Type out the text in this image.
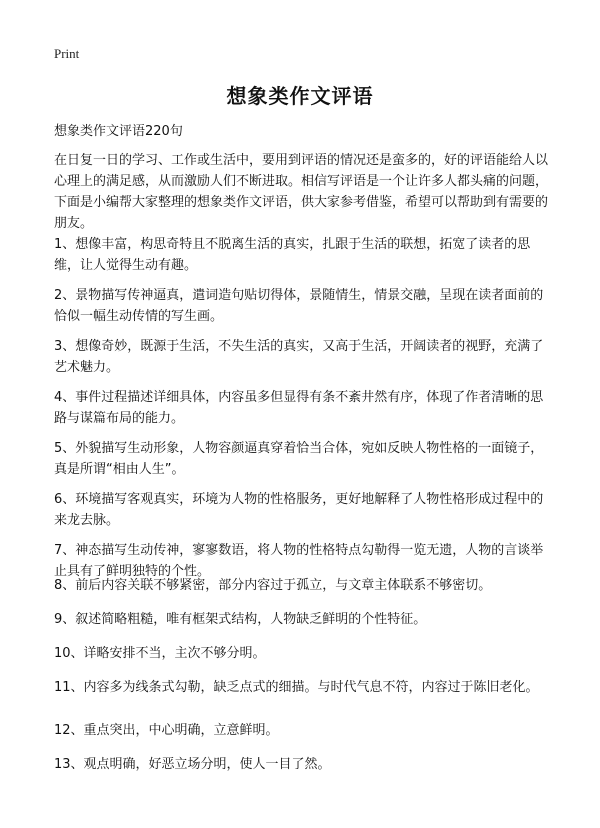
Print
想象类作文评语

想象类作文评语220句

在日复一日的学习、工作或生活中，要用到评语的情况还是蛮多的，好的评语能给人以心理上的满足感，从而激励人们不断进取。相信写评语是一个让许多人都头痛的问题，下面是小编帮大家整理的想象类作文评语，供大家参考借鉴，希望可以帮助到有需要的朋友。

1、想像丰富，构思奇特且不脱离生活的真实，扎跟于生活的联想，拓宽了读者的思维，让人觉得生动有趣。

2、景物描写传神逼真，遣词造句贴切得体，景随情生，情景交融，呈现在读者面前的恰似一幅生动传情的写生画。

3、想像奇妙，既源于生活，不失生活的真实，又高于生活，开阔读者的视野，充满了艺术魅力。

4、事件过程描述详细具体，内容虽多但显得有条不紊井然有序，体现了作者清晰的思路与谋篇布局的能力。

5、外貌描写生动形象，人物容颜逼真穿着恰当合体，宛如反映人物性格的一面镜子，真是所谓“相由人生”。

6、环境描写客观真实，环境为人物的性格服务，更好地解释了人物性格形成过程中的来龙去脉。

7、神态描写生动传神，寥寥数语，将人物的性格特点勾勒得一览无遗，人物的言谈举止具有了鲜明独特的个性。

8、前后内容关联不够紧密，部分内容过于孤立，与文章主体联系不够密切。

9、叙述简略粗糙，唯有框架式结构，人物缺乏鲜明的个性特征。

10、详略安排不当，主次不够分明。

11、内容多为线条式勾勒，缺乏点式的细描。与时代气息不符，内容过于陈旧老化。

12、重点突出，中心明确，立意鲜明。

13、观点明确，好恶立场分明，使人一目了然。
